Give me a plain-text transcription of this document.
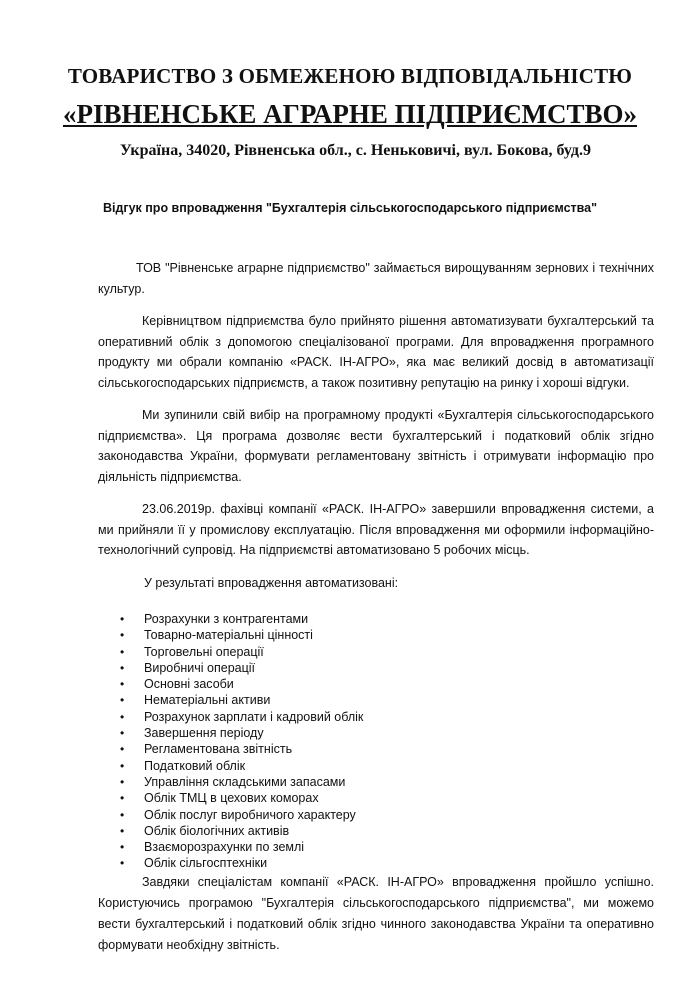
ТОВАРИСТВО З ОБМЕЖЕНОЮ ВІДПОВІДАЛЬНІСТЮ
«РІВНЕНСЬКЕ АГРАРНЕ ПІДПРИЄМСТВО»
Україна, 34020, Рівненська обл., с. Неньковичі, вул. Бокова, буд.9
Відгук про впровадження "Бухгалтерія сільськогосподарського підприємства"

ТОВ "Рівненське аграрне підприємство" займається вирощуванням зернових і технічних культур.

Керівництвом підприємства було прийнято рішення автоматизувати бухгалтерський та оперативний облік з допомогою спеціалізованої програми. Для впровадження програмного продукту ми обрали компанію «РАСК. ІН-АГРО», яка має великий досвід в автоматизації сільськогосподарських підприємств, а також позитивну репутацію на ринку і хороші відгуки.

Ми зупинили свій вибір на програмному продукті «Бухгалтерія сільськогосподарського підприємства». Ця програма дозволяє вести бухгалтерський і податковий облік згідно законодавства України, формувати регламентовану звітність і отримувати інформацію про діяльність підприємства.

23.06.2019р. фахівці компанії «РАСК. ІН-АГРО» завершили впровадження системи, а ми прийняли її у промислову експлуатацію. Після впровадження ми оформили інформаційно-технологічний супровід. На підприємстві автоматизовано 5 робочих місць.

У результаті впровадження автоматизовані:
• Розрахунки з контрагентами
• Товарно-матеріальні цінності
• Торговельні операції
• Виробничі операції
• Основні засоби
• Нематеріальні активи
• Розрахунок зарплати і кадровий облік
• Завершення періоду
• Регламентована звітність
• Податковий облік
• Управління складськими запасами
• Облік ТМЦ в цехових коморах
• Облік послуг виробничого характеру
• Облік біологічних активів
• Взаєморозрахунки по землі
• Облік сільгосптехніки

Завдяки спеціалістам компанії «РАСК. ІН-АГРО» впровадження пройшло успішно. Користуючись програмою "Бухгалтерія сільськогосподарського підприємства", ми можемо вести бухгалтерський і податковий облік згідно чинного законодавства України та оперативно формувати необхідну звітність.
